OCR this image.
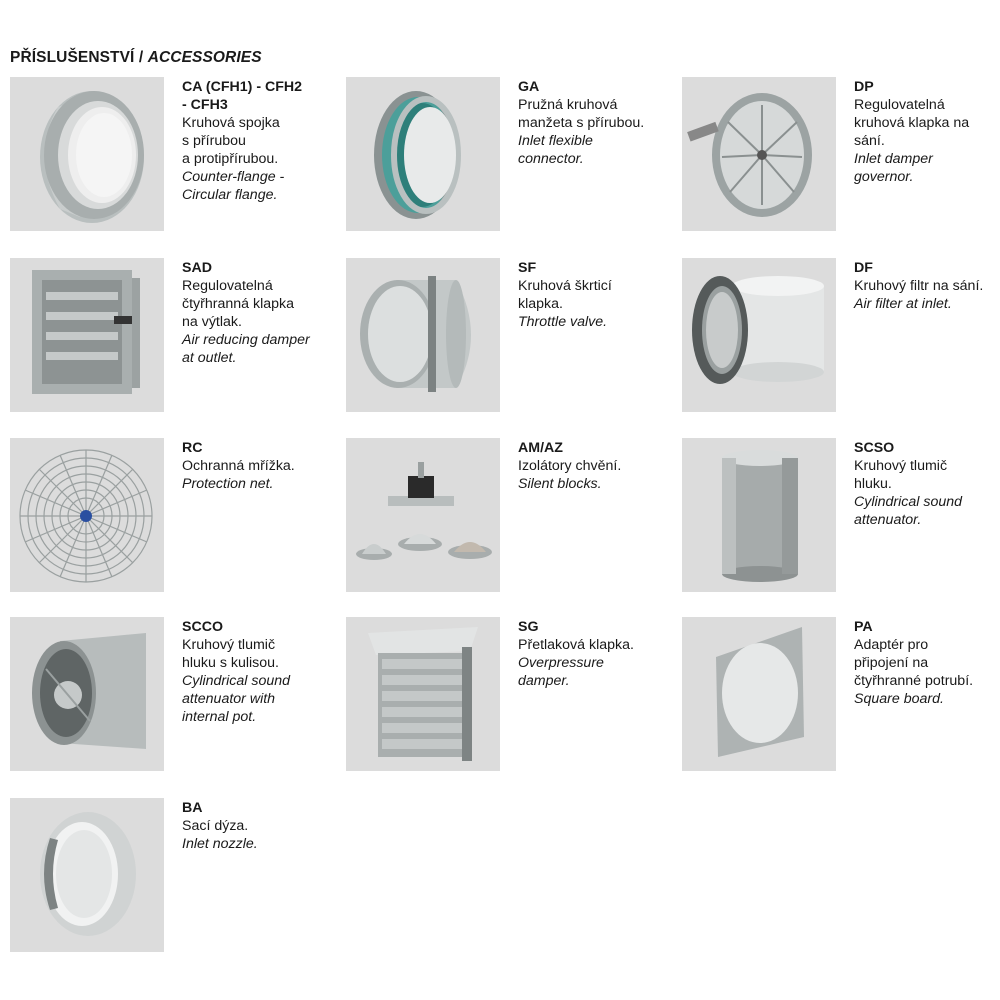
PŘÍSLUŠENSTVÍ / ACCESSORIES
CA (CFH1) - CFH2
- CFH3
Kruhová spojka
s přírubou
a protipřírubou.
Counter-flange -
Circular flange.
GA
Pružná kruhová
manžeta s přírubou.
Inlet flexible
connector.
DP
Regulovatelná
kruhová klapka na
sání.
Inlet damper
governor.
SAD
Regulovatelná
čtyřhranná klapka
na výtlak.
Air reducing damper
at outlet.
SF
Kruhová škrticí
klapka.
Throttle valve.
DF
Kruhový filtr na sání.
Air filter at inlet.
RC
Ochranná mřížka.
Protection net.
AM/AZ
Izolátory chvění.
Silent blocks.
SCSO
Kruhový tlumič
hluku.
Cylindrical sound
attenuator.
SCCO
Kruhový tlumič
hluku s kulisou.
Cylindrical sound
attenuator with
internal pot.
SG
Přetlaková klapka.
Overpressure
damper.
PA
Adaptér pro
připojení na
čtyřhranné potrubí.
Square board.
BA
Sací dýza.
Inlet nozzle.
